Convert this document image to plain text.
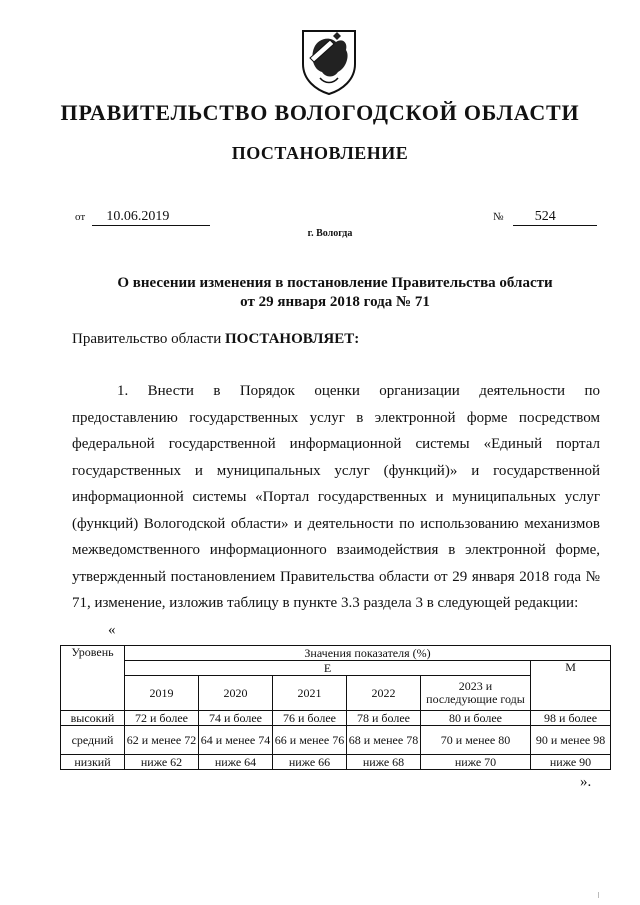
ПРАВИТЕЛЬСТВО ВОЛОГОДСКОЙ ОБЛАСТИ
ПОСТАНОВЛЕНИЕ
от 10.06.2019	№ 524
г. Вологда
О внесении изменения в постановление Правительства области
от 29 января 2018 года № 71
Правительство области ПОСТАНОВЛЯЕТ:
1. Внести в Порядок оценки организации деятельности по предоставлению государственных услуг в электронной форме посредством федеральной государственной информационной системы «Единый портал государственных и муниципальных услуг (функций)» и государственной информационной системы «Портал государственных и муниципальных услуг (функций) Вологодской области» и деятельности по использованию механизмов межведомственного информационного взаимодействия в электронной форме, утвержденный постановлением Правительства области от 29 января 2018 года № 71, изменение, изложив таблицу в пункте 3.3 раздела 3 в следующей редакции:
«
Уровень	Значения показателя (%)					
	Е					М
	2019	2020	2021	2022	2023 и последующие годы	
высокий	72 и более	74 и более	76 и более	78 и более	80 и более	98 и более
средний	62 и менее 72	64 и менее 74	66 и менее 76	68 и менее 78	70 и менее 80	90 и менее 98
низкий	ниже 62	ниже 64	ниже 66	ниже 68	ниже 70	ниже 90
».
